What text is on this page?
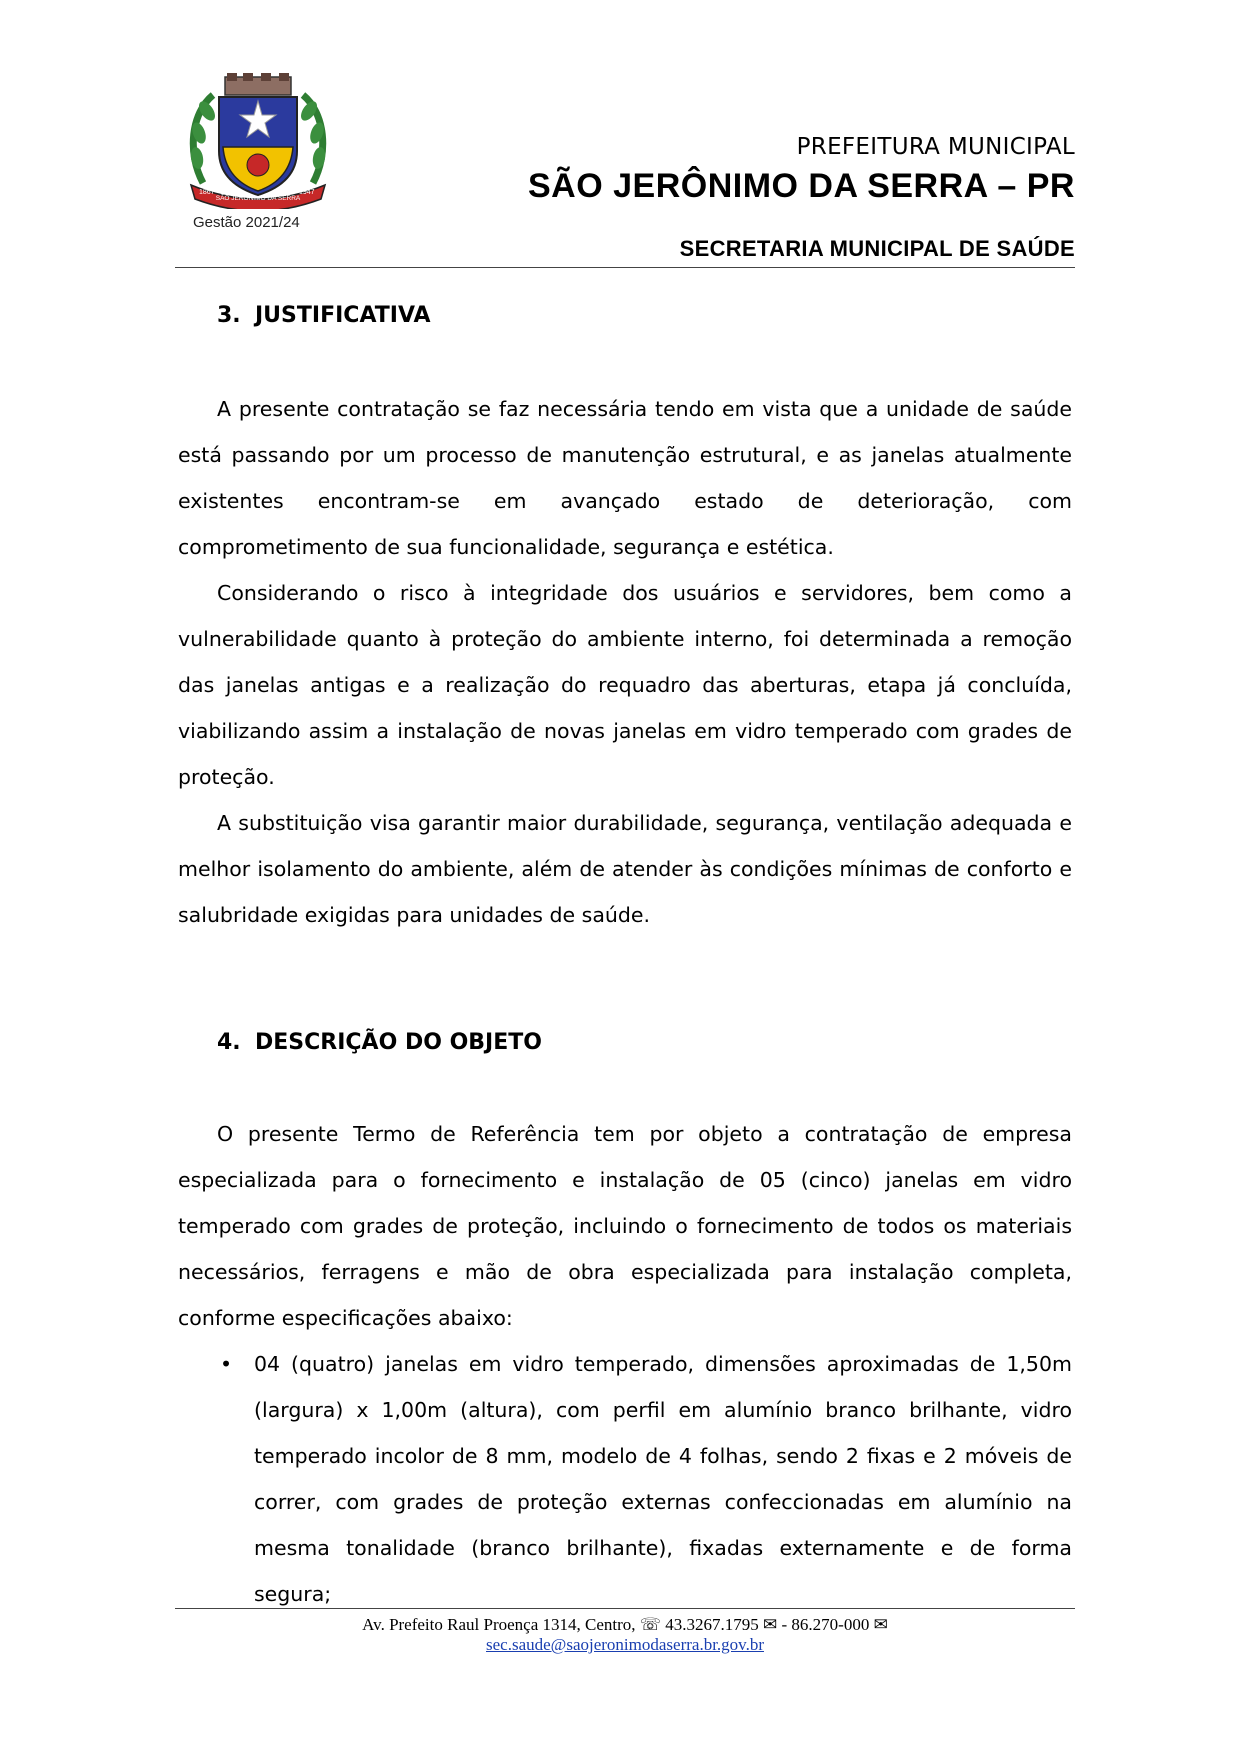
1867
SÃO JERÔNIMO DA SERRA
1947
Gestão 2021/24
PREFEITURA MUNICIPAL
SÃO JERÔNIMO DA SERRA – PR
SECRETARIA MUNICIPAL DE SAÚDE
3. JUSTIFICATIVA

A presente contratação se faz necessária tendo em vista que a unidade de saúde está passando por um processo de manutenção estrutural, e as janelas atualmente existentes encontram-se em avançado estado de deterioração, com comprometimento de sua funcionalidade, segurança e estética.

Considerando o risco à integridade dos usuários e servidores, bem como a vulnerabilidade quanto à proteção do ambiente interno, foi determinada a remoção das janelas antigas e a realização do requadro das aberturas, etapa já concluída, viabilizando assim a instalação de novas janelas em vidro temperado com grades de proteção.

A substituição visa garantir maior durabilidade, segurança, ventilação adequada e melhor isolamento do ambiente, além de atender às condições mínimas de conforto e salubridade exigidas para unidades de saúde.

4. DESCRIÇÃO DO OBJETO

O presente Termo de Referência tem por objeto a contratação de empresa especializada para o fornecimento e instalação de 05 (cinco) janelas em vidro temperado com grades de proteção, incluindo o fornecimento de todos os materiais necessários, ferragens e mão de obra especializada para instalação completa, conforme especificações abaixo:

• 04 (quatro) janelas em vidro temperado, dimensões aproximadas de 1,50m (largura) x 1,00m (altura), com perfil em alumínio branco brilhante, vidro temperado incolor de 8 mm, modelo de 4 folhas, sendo 2 fixas e 2 móveis de correr, com grades de proteção externas confeccionadas em alumínio na mesma tonalidade (branco brilhante), fixadas externamente e de forma segura;
Av. Prefeito Raul Proença 1314, Centro, ☏ 43.3267.1795 ✉ - 86.270-000 ✉
sec.saude@saojeronimodaserra.br.gov.br
